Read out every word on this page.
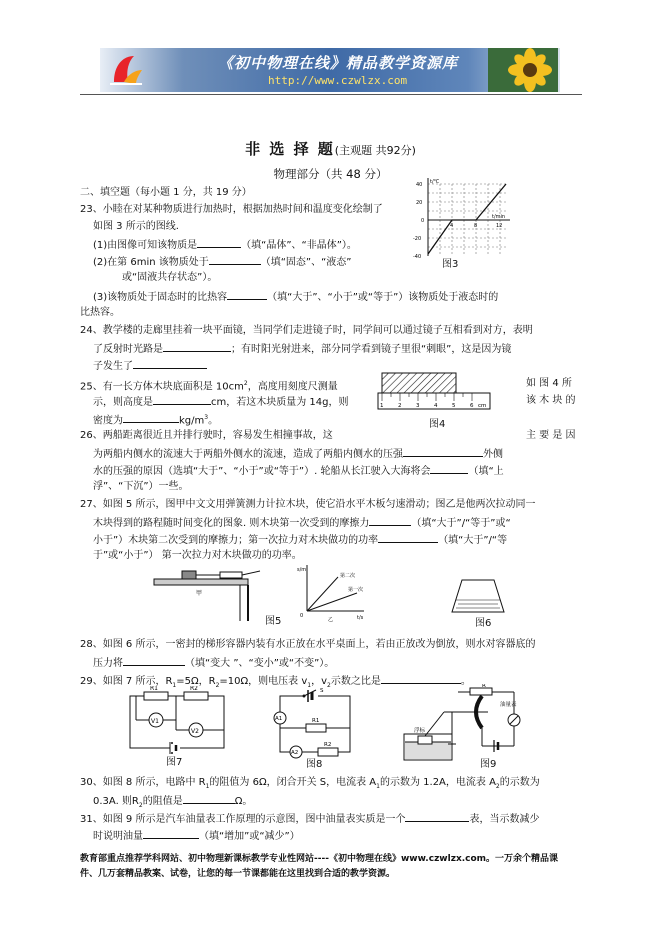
《初中物理在线》精品教学资源库
http://www.czwlzx.com
非 选 择 题(主观题 共92分)
物理部分（共 48 分）
二、填空题（每小题 1 分，共 19 分）
23、小睦在对某种物质进行加热时，根据加热时间和温度变化绘制了
如图 3 所示的图线.
(1)由图像可知该物质是	（填“晶体”、“非晶体”）。
(2)在第 6min 该物质处于	（填“固态”、“液态”
或“固液共存状态”）。
(3)该物质处于固态时的比热容	（填“大于”、“小于”或“等于”）该物质处于液态时的
比热容。
t/℃
t/min
40
20
0
-20
-40
4	8	12
图3
24、教学楼的走廊里挂着一块平面镜，当同学们走进镜子时，同学间可以通过镜子互相看到对方，表明
了反射时光路是	；有时阳光射进来，部分同学看到镜子里很“刺眼”，这是因为镜
子发生了
25、有一长方体木块底面积是 $10cm^2$，高度用刻度尺测量	如 图 4 所
示，则高度是	cm，若这木块质量为 14g，则	该 木 块 的
密度为	$kg/m^3$。
1	2	3	4	5	6 cm
图4
26、两船距离很近且并排行驶时，容易发生相撞事故，这	主 要 是 因
为两船内侧水的流速大于两船外侧水的流速，造成了两船内侧水的压强	外侧
水的压强的原因（选填“大于”、“小于”或“等于”）. 轮船从长江驶入大海将会	（填“上
浮”、“下沉”）一些。
27、如图 5 所示，图甲中文文用弹簧测力计拉木块，使它沿水平木板匀速滑动；图乙是他两次拉动同一
木块得到的路程随时间变化的图象. 则木块第一次受到的摩擦力	（填“大于”/“等于”或“
小于”）木块第二次受到的摩擦力；第一次拉力对木块做功的功率	（填“大于”/“等
于”或“小于”） 第一次拉力对木块做功的功率。
甲
s/m
t/s
0
第二次
第一次
乙
图5	图6
28、如图 6 所示，一密封的梯形容器内装有水正放在水平桌面上，若由正放改为倒放，则水对容器底的
压力将	（填“变大 ”、“变小”或“不变”）。
29、如图 7 所示，$R_1=5\Omega$，$R_2=10\Omega$，则电压表 $v_1$，$v_2$示数之比是	。
R1	R2
V1
V2
图7
S
A1	R1
A2
R2
图8
R
浮标
油量表
图9
30、如图 8 所示，电路中 $R_1$的阻值为 6Ω，闭合开关 S，电流表 $A_1$的示数为 1.2A，电流表 $A_2$的示数为
0.3A. 则$R_2$的阻值是	Ω。
31、如图 9 所示是汽车油量表工作原理的示意图，图中油量表实质是一个	表，当示数减少
时说明油量	（填“增加”或“减少”）
教育部重点推荐学科网站、初中物理新课标教学专业性网站----《初中物理在线》www.czwlzx.com。一万余个精品课
件、几万套精品教案、试卷，让您的每一节课都能在这里找到合适的教学资源。
